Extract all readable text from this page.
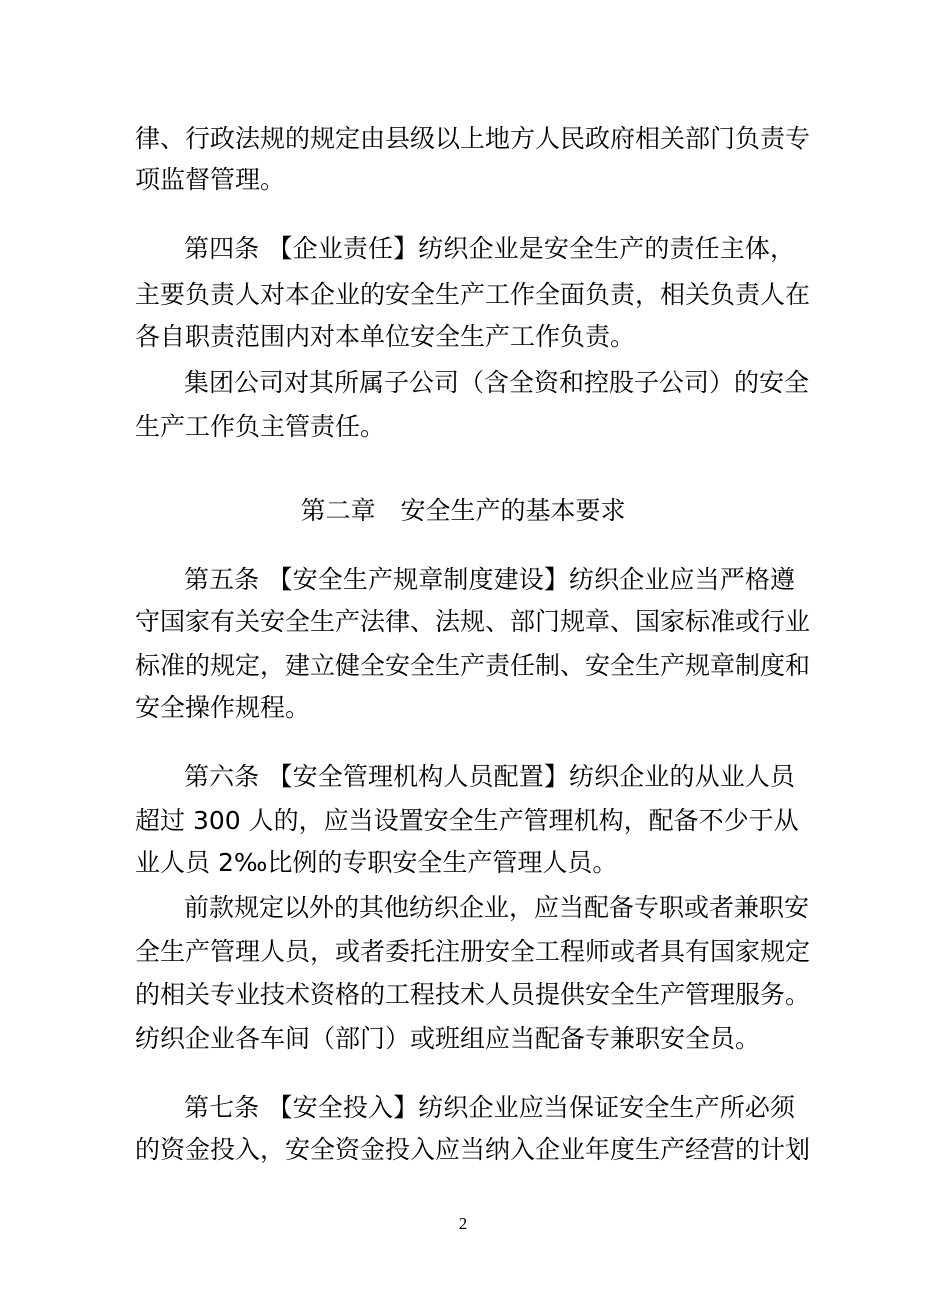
律、行政法规的规定由县级以上地方人民政府相关部门负责专
项监督管理。
第四条 【企业责任】纺织企业是安全生产的责任主体，
主要负责人对本企业的安全生产工作全面负责，相关负责人在
各自职责范围内对本单位安全生产工作负责。
集团公司对其所属子公司（含全资和控股子公司）的安全
生产工作负主管责任。
第二章　安全生产的基本要求
第五条 【安全生产规章制度建设】纺织企业应当严格遵
守国家有关安全生产法律、法规、部门规章、国家标准或行业
标准的规定，建立健全安全生产责任制、安全生产规章制度和
安全操作规程。
第六条 【安全管理机构人员配置】纺织企业的从业人员
超过 300 人的，应当设置安全生产管理机构，配备不少于从
业人员 2‰比例的专职安全生产管理人员。
前款规定以外的其他纺织企业，应当配备专职或者兼职安
全生产管理人员，或者委托注册安全工程师或者具有国家规定
的相关专业技术资格的工程技术人员提供安全生产管理服务。
纺织企业各车间（部门）或班组应当配备专兼职安全员。
第七条 【安全投入】纺织企业应当保证安全生产所必须
的资金投入，安全资金投入应当纳入企业年度生产经营的计划
2
